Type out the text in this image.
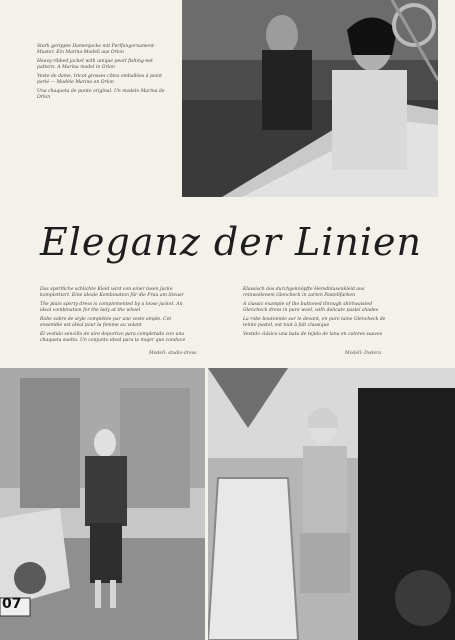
Stark gerippte Damenjacke mit Perlfangornament-Muster. Ein Marina-Modell aus Orlon

Heavy-ribbed jacket with unique pearl fishing-net pattern. A Marina model in Orlon

Veste de dame, tricot grosses côtes emballées à point perlé — Modèle Marina en Orlon

Una chaqueta de punto original. Un modelo Marina de Orlon

Eleganz der Linien

Das sportliche schlichte Kleid wird von einer losen Jacke komplettiert. Eine ideale Kombination für die Frau am Steuer

The plain sporty dress is complemented by a loose jacket. An ideal combination for the lady at the wheel

Robe sobre de style complétée par une veste ample. Cet ensemble est idéal pour la femme au volant

El vestido sencillo de aire deportivo para completado con una chaqueta suelta. Un conjunto ideal para la mujer que conduce

Modell: studio-dress

Klassisch das durchgeknöpfte Hemdblusenkleid aus reinwollenem Glencheck in zarten Pastellfarben

A classic example of the buttoned through shirtwaisted Glencheck dress in pure wool, with delicate pastel shades

La robe boutonnée sur le devant, en pure laine Glencheck de teinte pastel, est tout à fait classique

Vestido clásico una bata de tejido de lana en colores suaves

Modell: Dodera
07
